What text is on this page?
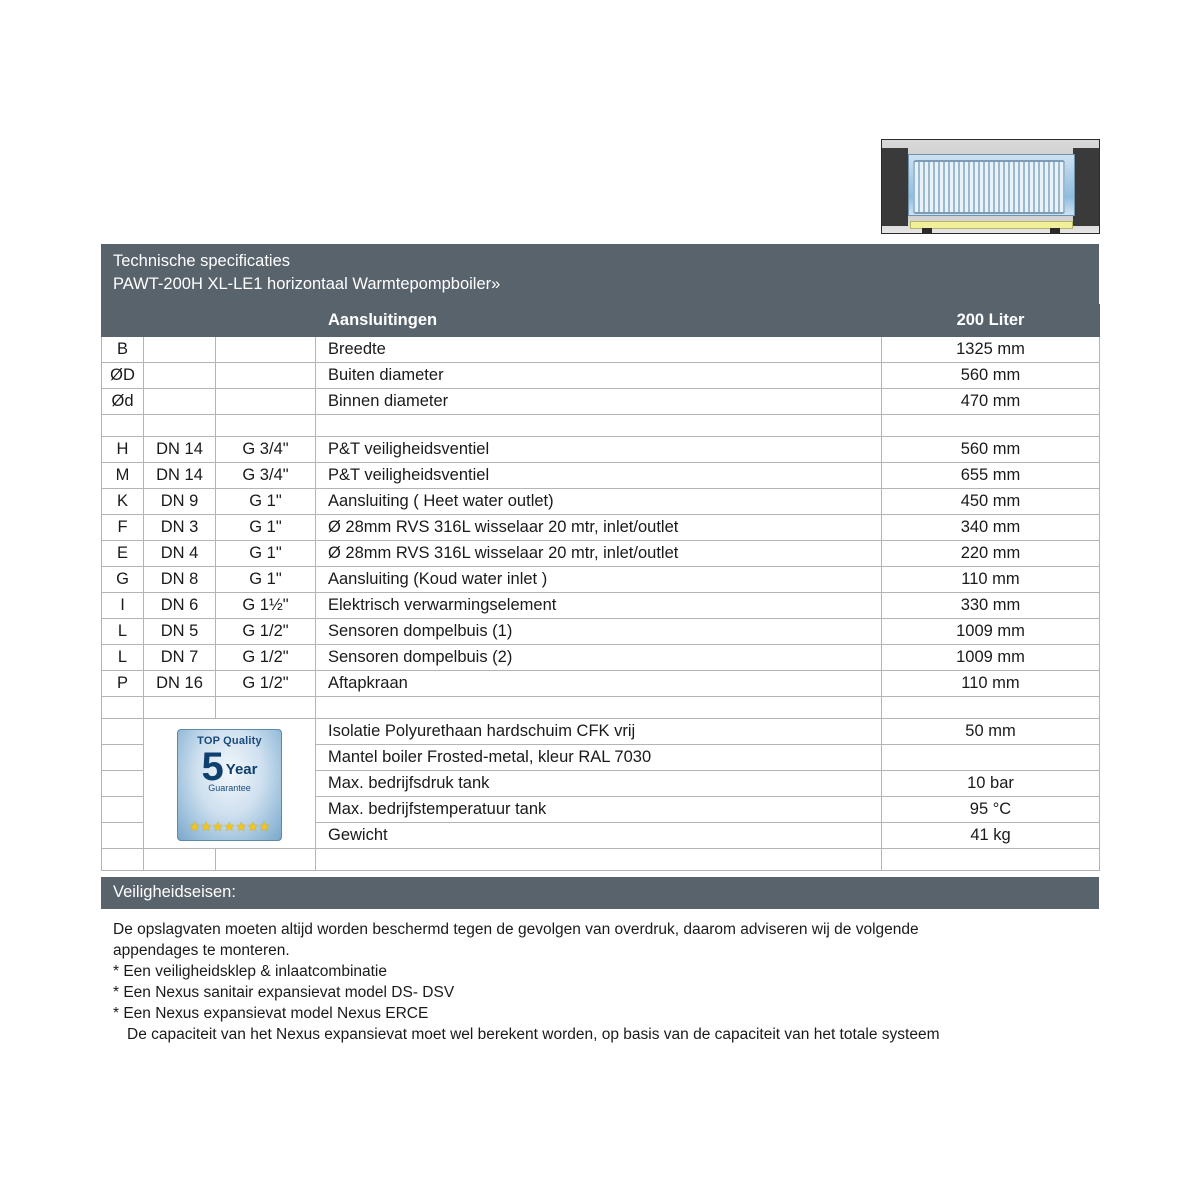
Technische specificaties
PAWT-200H XL-LE1 horizontaal Warmtepompboiler»
			Aansluitingen	200 Liter
B			Breedte	1325 mm
ØD			Buiten diameter	560 mm
Ød			Binnen diameter	470 mm

H	DN 14	G 3/4"	P&T veiligheidsventiel	560 mm
M	DN 14	G 3/4"	P&T veiligheidsventiel	655 mm
K	DN 9	G 1"	Aansluiting ( Heet water outlet)	450 mm
F	DN 3	G 1"	Ø 28mm RVS 316L wisselaar 20 mtr, inlet/outlet	340 mm
E	DN 4	G 1"	Ø 28mm RVS 316L wisselaar 20 mtr, inlet/outlet	220 mm
G	DN 8	G 1"	Aansluiting (Koud water inlet )	110 mm
I	DN 6	G 1½"	Elektrisch verwarmingselement	330 mm
L	DN 5	G 1/2"	Sensoren dompelbuis (1)	1009 mm
L	DN 7	G 1/2"	Sensoren dompelbuis (2)	1009 mm
P	DN 16	G 1/2"	Aftapkraan	110 mm

	TOP Quality
5 Year
Guarantee
★★★★★★★		Isolatie Polyurethaan hardschuim CFK vrij	50 mm
			Mantel boiler Frosted-metal, kleur RAL 7030	
			Max. bedrijfsdruk tank	10 bar
			Max. bedrijfstemperatuur tank	95 °C
			Gewicht	41 kg

Veiligheidseisen:

De opslagvaten moeten altijd worden beschermd tegen de gevolgen van overdruk, daarom adviseren wij de volgende

appendages te monteren.

* Een veiligheidsklep & inlaatcombinatie

* Een Nexus sanitair expansievat model DS- DSV

* Een Nexus expansievat model Nexus ERCE

De capaciteit van het Nexus expansievat moet wel berekent worden, op basis van de capaciteit van het totale systeem
